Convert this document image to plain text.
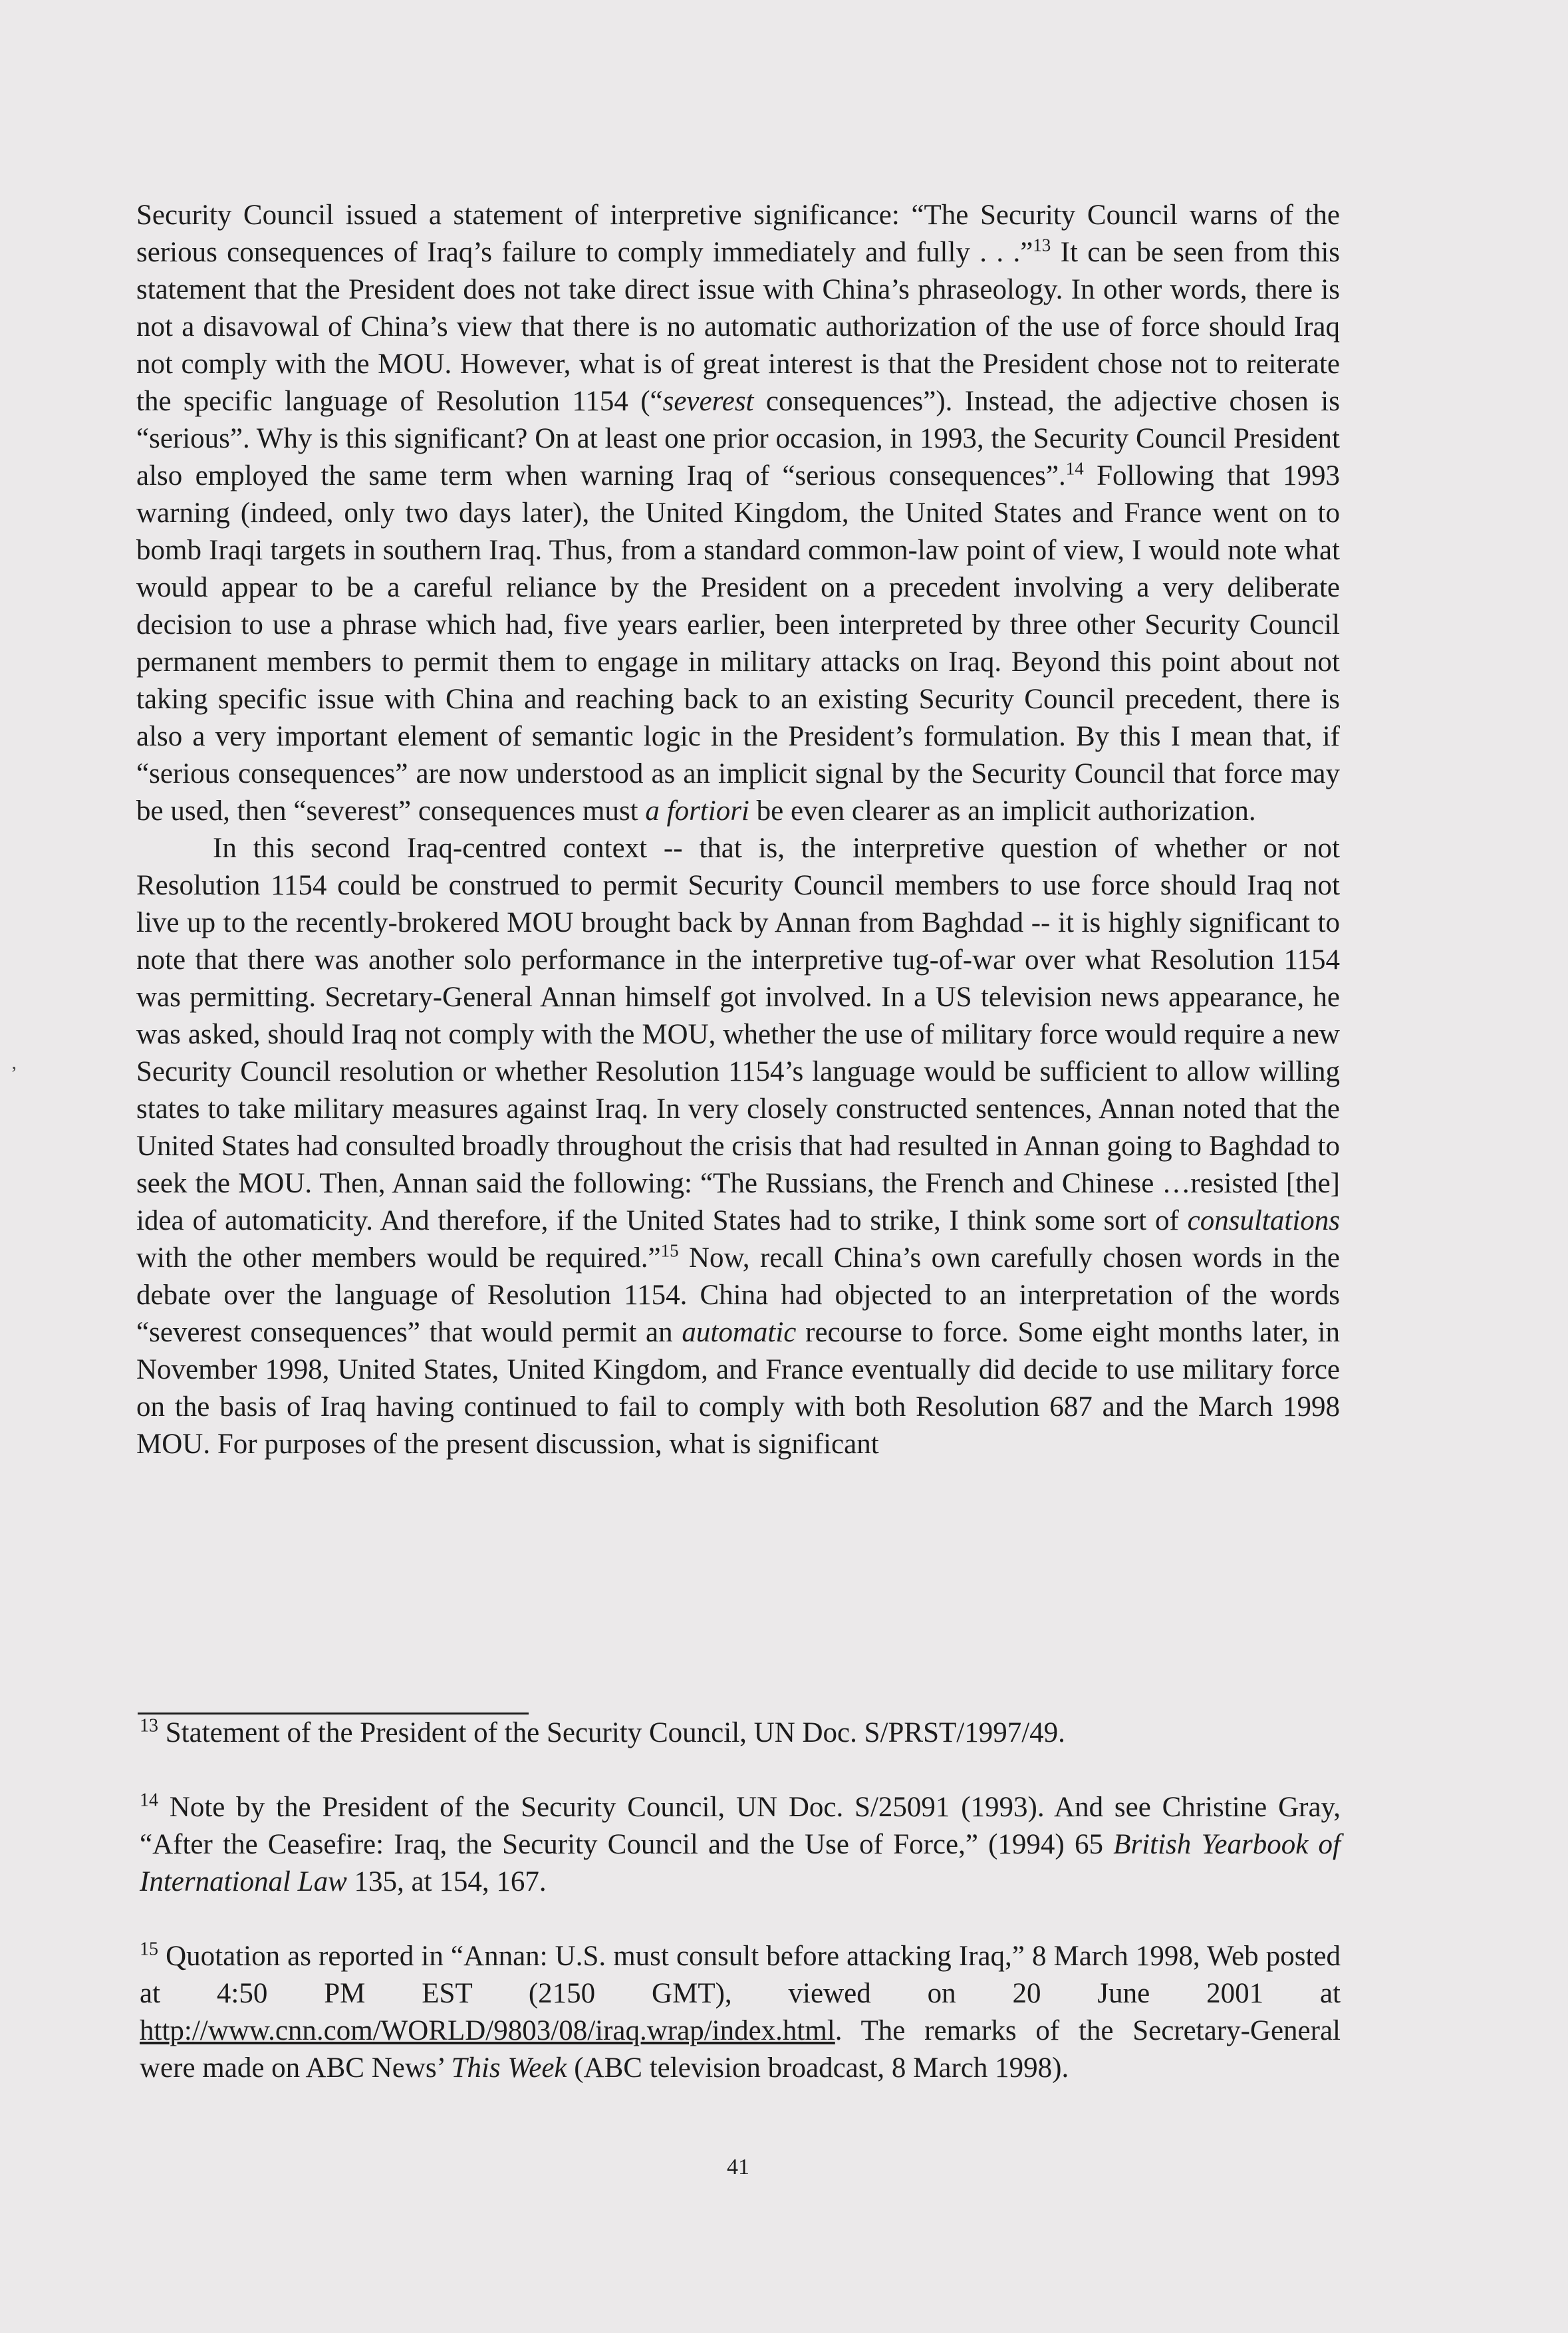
Security Council issued a statement of interpretive significance: “The Security Council warns of the serious consequences of Iraq’s failure to comply immediately and fully . . .”$^{13}$ It can be seen from this statement that the President does not take direct issue with China’s phraseology. In other words, there is not a disavowal of China’s view that there is no automatic authorization of the use of force should Iraq not comply with the MOU. However, what is of great interest is that the President chose not to reiterate the specific language of Resolution 1154 (“severest consequences”). Instead, the adjective chosen is “serious”. Why is this significant? On at least one prior occasion, in 1993, the Security Council President also employed the same term when warning Iraq of “serious consequences”.$^{14}$ Following that 1993 warning (indeed, only two days later), the United Kingdom, the United States and France went on to bomb Iraqi targets in southern Iraq. Thus, from a standard common-law point of view, I would note what would appear to be a careful reliance by the President on a precedent involving a very deliberate decision to use a phrase which had, five years earlier, been interpreted by three other Security Council permanent members to permit them to engage in military attacks on Iraq. Beyond this point about not taking specific issue with China and reaching back to an existing Security Council precedent, there is also a very important element of semantic logic in the President’s formulation. By this I mean that, if “serious consequences” are now understood as an implicit signal by the Security Council that force may be used, then “severest” consequences must a fortiori be even clearer as an implicit authorization.

In this second Iraq-centred context -- that is, the interpretive question of whether or not Resolution 1154 could be construed to permit Security Council members to use force should Iraq not live up to the recently-brokered MOU brought back by Annan from Baghdad -- it is highly significant to note that there was another solo performance in the interpretive tug-of-war over what Resolution 1154 was permitting. Secretary-General Annan himself got involved. In a US television news appearance, he was asked, should Iraq not comply with the MOU, whether the use of military force would require a new Security Council resolution or whether Resolution 1154’s language would be sufficient to allow willing states to take military measures against Iraq. In very closely constructed sentences, Annan noted that the United States had consulted broadly throughout the crisis that had resulted in Annan going to Baghdad to seek the MOU. Then, Annan said the following: “The Russians, the French and Chinese …resisted [the] idea of automaticity. And therefore, if the United States had to strike, I think some sort of consultations with the other members would be required.”$^{15}$ Now, recall China’s own carefully chosen words in the debate over the language of Resolution 1154. China had objected to an interpretation of the words “severest consequences” that would permit an automatic recourse to force. Some eight months later, in November 1998, United States, United Kingdom, and France eventually did decide to use military force on the basis of Iraq having continued to fail to comply with both Resolution 687 and the March 1998 MOU. For purposes of the present discussion, what is significant

$^{13}$ Statement of the President of the Security Council, UN Doc. S/PRST/1997/49.

$^{14}$ Note by the President of the Security Council, UN Doc. S/25091 (1993). And see Christine Gray, “After the Ceasefire: Iraq, the Security Council and the Use of Force,” (1994) 65 British Yearbook of International Law 135, at 154, 167.

$^{15}$ Quotation as reported in “Annan: U.S. must consult before attacking Iraq,” 8 March 1998, Web posted at 4:50 PM EST (2150 GMT), viewed on 20 June 2001 at http://www.cnn.com/WORLD/9803/08/iraq.wrap/index.html. The remarks of the Secretary-General were made on ABC News’ This Week (ABC television broadcast, 8 March 1998).

41
ʼ
